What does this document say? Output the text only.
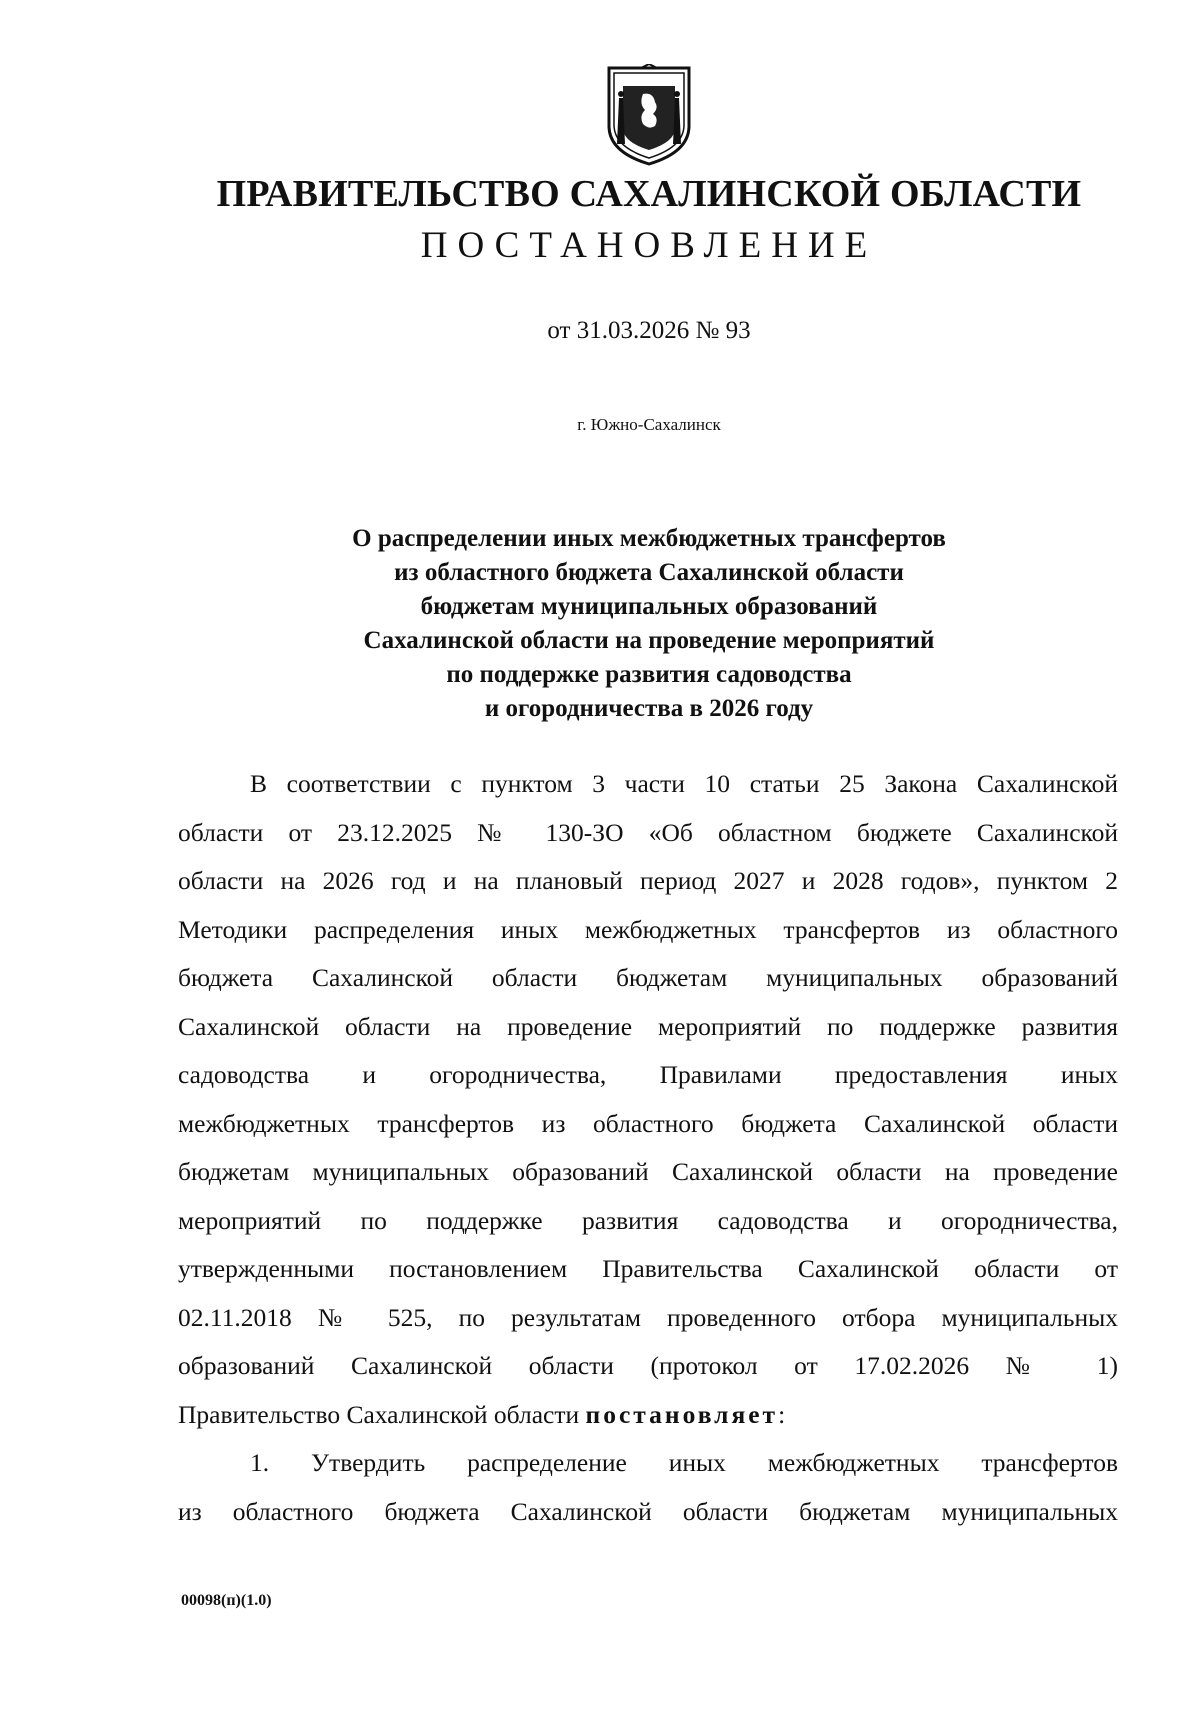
ПРАВИТЕЛЬСТВО САХАЛИНСКОЙ ОБЛАСТИ
ПОСТАНОВЛЕНИЕ
от 31.03.2026 № 93
г. Южно-Сахалинск
О распределении иных межбюджетных трансфертов
из областного бюджета Сахалинской области
бюджетам муниципальных образований
Сахалинской области на проведение мероприятий
по поддержке развития садоводства
и огородничества в 2026 году
В соответствии с пунктом 3 части 10 статьи 25 Закона Сахалинской
области от 23.12.2025 № 130-ЗО «Об областном бюджете Сахалинской
области на 2026 год и на плановый период 2027 и 2028 годов», пунктом 2
Методики распределения иных межбюджетных трансфертов из областного
бюджета Сахалинской области бюджетам муниципальных образований
Сахалинской области на проведение мероприятий по поддержке развития
садоводства и огородничества, Правилами предоставления иных
межбюджетных трансфертов из областного бюджета Сахалинской области
бюджетам муниципальных образований Сахалинской области на проведение
мероприятий по поддержке развития садоводства и огородничества,
утвержденными постановлением Правительства Сахалинской области от
02.11.2018 № 525, по результатам проведенного отбора муниципальных
образований Сахалинской области (протокол от 17.02.2026 № 1)
Правительство Сахалинской области постановляет:
1. Утвердить распределение иных межбюджетных трансфертов
из областного бюджета Сахалинской области бюджетам муниципальных
00098(п)(1.0)
